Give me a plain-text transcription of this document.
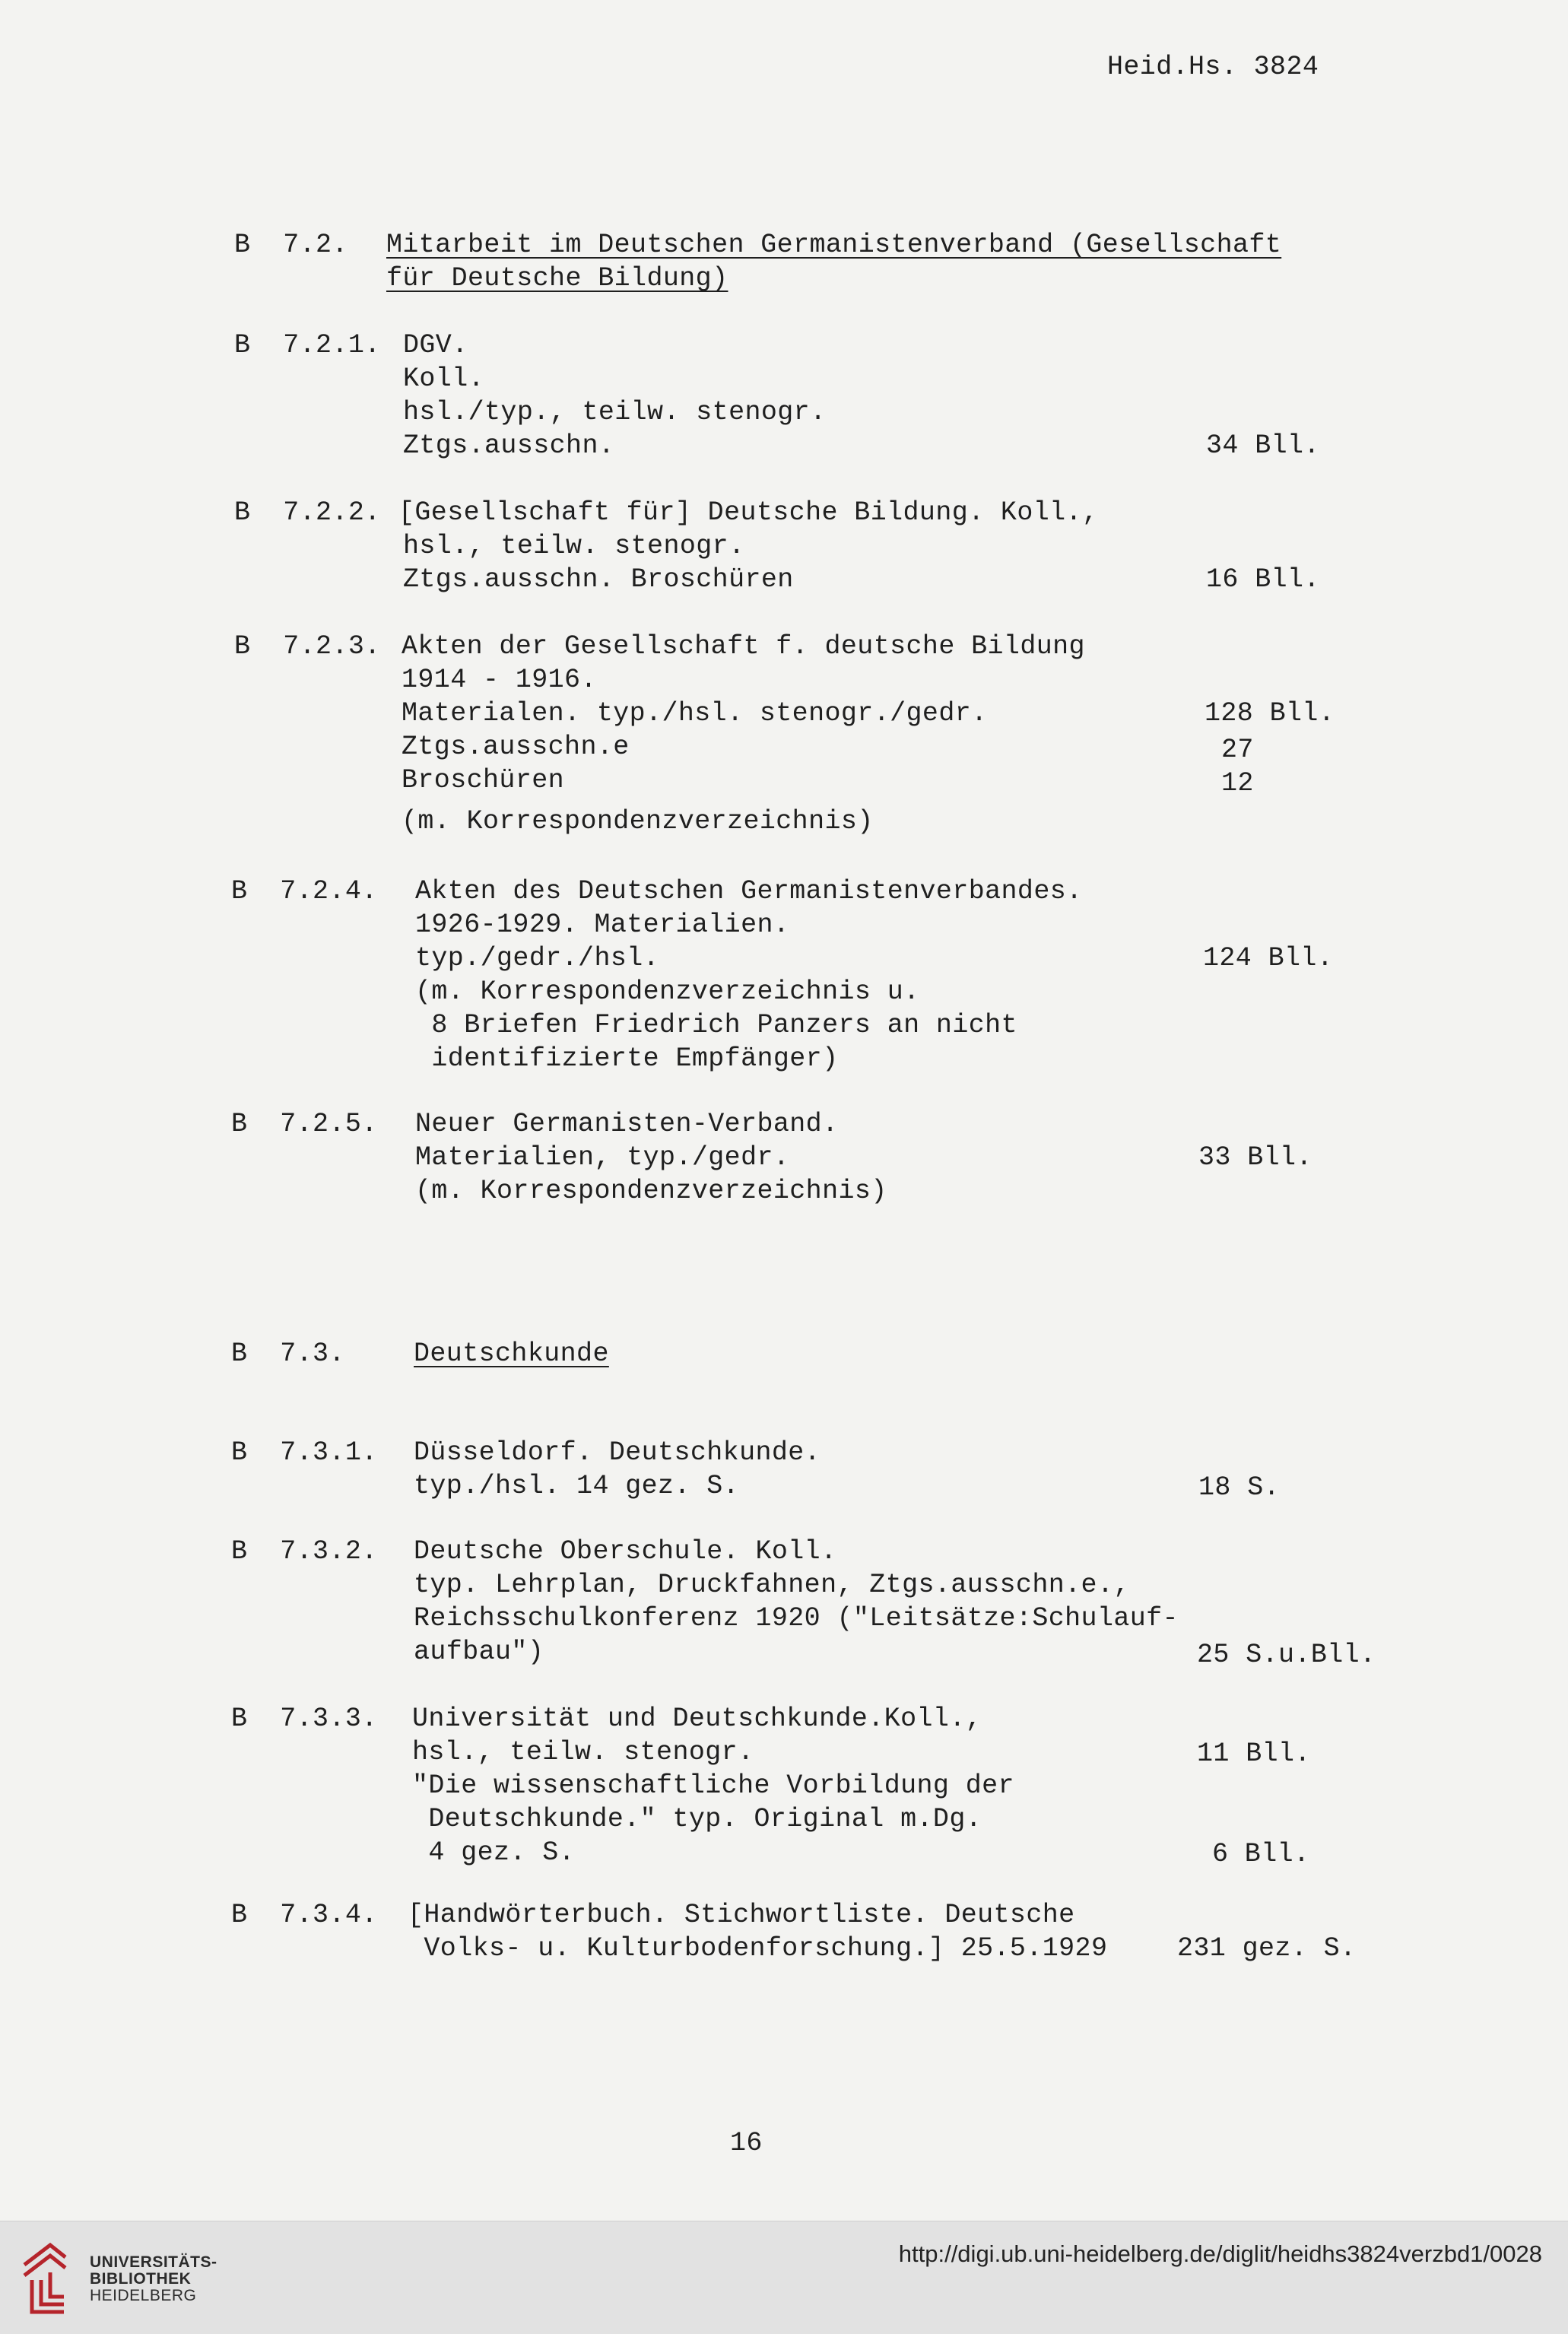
Heid.Hs. 3824
B  7.2. Mitarbeit im Deutschen Germanistenverband (Gesellschaft
für Deutsche Bildung)
B  7.2.1. DGV.
Koll.
hsl./typ., teilw. stenogr.
Ztgs.ausschn.	34 Bll.
B  7.2.2. [Gesellschaft für] Deutsche Bildung. Koll.,
hsl., teilw. stenogr.
Ztgs.ausschn. Broschüren	16 Bll.
B  7.2.3. Akten der Gesellschaft f. deutsche Bildung
1914 - 1916.
Materialen. typ./hsl. stenogr./gedr.	128 Bll.
Ztgs.ausschn.e	27
Broschüren	12
(m. Korrespondenzverzeichnis)
B  7.2.4. Akten des Deutschen Germanistenverbandes.
1926-1929. Materialien.
typ./gedr./hsl.	124 Bll.
(m. Korrespondenzverzeichnis u.
8 Briefen Friedrich Panzers an nicht
identifizierte Empfänger)
B  7.2.5. Neuer Germanisten-Verband.
Materialien, typ./gedr.	33 Bll.
(m. Korrespondenzverzeichnis)
B  7.3.	Deutschkunde
B  7.3.1. Düsseldorf. Deutschkunde.
typ./hsl. 14 gez. S.	18 S.
B  7.3.2. Deutsche Oberschule. Koll.
typ. Lehrplan, Druckfahnen, Ztgs.ausschn.e.,
Reichsschulkonferenz 1920 ("Leitsätze:Schulauf-
aufbau")	25 S.u.Bll.
B  7.3.3. Universität und Deutschkunde.Koll.,
hsl., teilw. stenogr.	11 Bll.
"Die wissenschaftliche Vorbildung der
Deutschkunde." typ. Original m.Dg.
4 gez. S.	6 Bll.
B  7.3.4. [Handwörterbuch. Stichwortliste. Deutsche
Volks- u. Kulturbodenforschung.] 25.5.1929	231 gez. S.
16
UNIVERSITÄTS-
BIBLIOTHEK
HEIDELBERG
http://digi.ub.uni-heidelberg.de/diglit/heidhs3824verzbd1/0028
